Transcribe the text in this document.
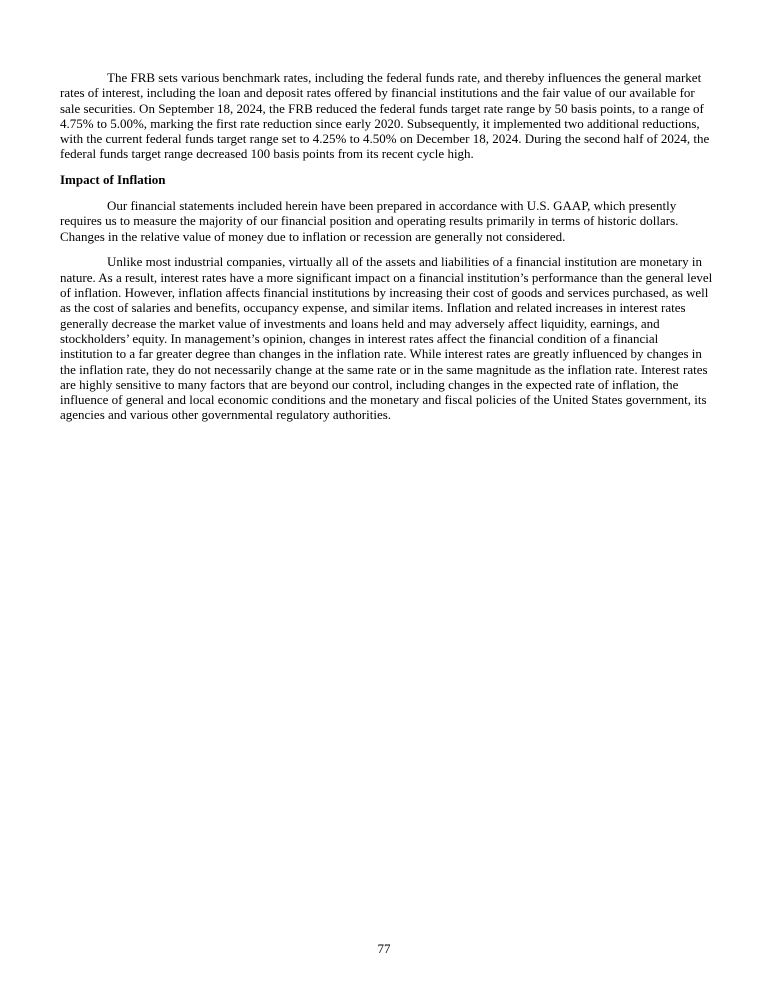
The FRB sets various benchmark rates, including the federal funds rate, and thereby influences the general market
rates of interest, including the loan and deposit rates offered by financial institutions and the fair value of our available for
sale securities. On September 18, 2024, the FRB reduced the federal funds target rate range by 50 basis points, to a range of
4.75% to 5.00%, marking the first rate reduction since early 2020. Subsequently, it implemented two additional reductions,
with the current federal funds target range set to 4.25% to 4.50% on December 18, 2024. During the second half of 2024, the
federal funds target range decreased 100 basis points from its recent cycle high.

Impact of Inflation

Our financial statements included herein have been prepared in accordance with U.S. GAAP, which presently
requires us to measure the majority of our financial position and operating results primarily in terms of historic dollars.
Changes in the relative value of money due to inflation or recession are generally not considered.

Unlike most industrial companies, virtually all of the assets and liabilities of a financial institution are monetary in
nature. As a result, interest rates have a more significant impact on a financial institution’s performance than the general level
of inflation. However, inflation affects financial institutions by increasing their cost of goods and services purchased, as well
as the cost of salaries and benefits, occupancy expense, and similar items. Inflation and related increases in interest rates
generally decrease the market value of investments and loans held and may adversely affect liquidity, earnings, and
stockholders’ equity. In management’s opinion, changes in interest rates affect the financial condition of a financial
institution to a far greater degree than changes in the inflation rate. While interest rates are greatly influenced by changes in
the inflation rate, they do not necessarily change at the same rate or in the same magnitude as the inflation rate. Interest rates
are highly sensitive to many factors that are beyond our control, including changes in the expected rate of inflation, the
influence of general and local economic conditions and the monetary and fiscal policies of the United States government, its
agencies and various other governmental regulatory authorities.

77
